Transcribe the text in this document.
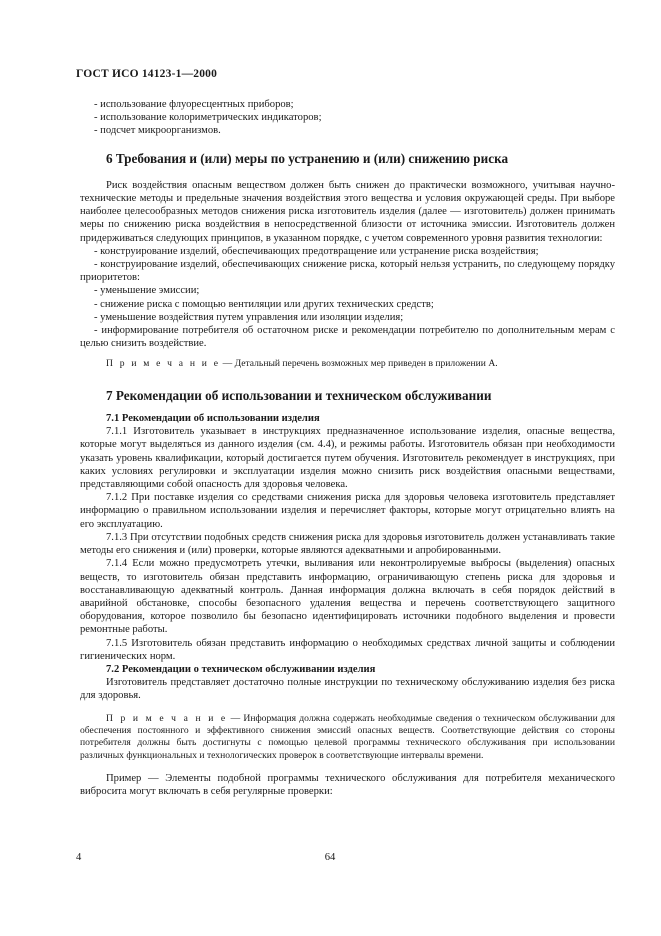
ГОСТ ИСО 14123-1—2000

- использование флуоресцентных приборов;

- использование колориметрических индикаторов;

- подсчет микроорганизмов.

6 Требования и (или) меры по устранению и (или) снижению риска

Риск воздействия опасным веществом должен быть снижен до практически возможного, учитывая научно-технические методы и предельные значения воздействия этого вещества и условия окружающей среды. При выборе наиболее целесообразных методов снижения риска изготовитель изделия (далее — изготовитель) должен принимать меры по снижению риска воздействия в непосредственной близости от источника эмиссии. Изготовитель должен придерживаться следующих принципов, в указанном порядке, с учетом современного уровня развития технологии:

- конструирование изделий, обеспечивающих предотвращение или устранение риска воздействия;

- конструирование изделий, обеспечивающих снижение риска, который нельзя устранить, по следующему порядку приоритетов:

- уменьшение эмиссии;

- снижение риска с помощью вентиляции или других технических средств;

- уменьшение воздействия путем управления или изоляции изделия;

- информирование потребителя об остаточном риске и рекомендации потребителю по дополнительным мерам с целью снизить воздействие.

П р и м е ч а н и е — Детальный перечень возможных мер приведен в приложении А.

7 Рекомендации об использовании и техническом обслуживании
7.1 Рекомендации об использовании изделия

7.1.1 Изготовитель указывает в инструкциях предназначенное использование изделия, опасные вещества, которые могут выделяться из данного изделия (см. 4.4), и режимы работы. Изготовитель обязан при необходимости указать уровень квалификации, который достигается путем обучения. Изготовитель рекомендует в инструкциях, при каких условиях регулировки и эксплуатации изделия можно снизить риск воздействия опасными веществами, представляющими собой опасность для здоровья человека.

7.1.2 При поставке изделия со средствами снижения риска для здоровья человека изготовитель представляет информацию о правильном использовании изделия и перечисляет факторы, которые могут отрицательно влиять на его эксплуатацию.

7.1.3 При отсутствии подобных средств снижения риска для здоровья изготовитель должен устанавливать такие методы его снижения и (или) проверки, которые являются адекватными и апробированными.

7.1.4 Если можно предусмотреть утечки, выливания или неконтролируемые выбросы (выделения) опасных веществ, то изготовитель обязан представить информацию, ограничивающую степень риска для здоровья и восстанавливающую адекватный контроль. Данная информация должна включать в себя порядок действий в аварийной обстановке, способы безопасного удаления вещества и перечень соответствующего защитного оборудования, которое позволило бы безопасно идентифицировать источники подобного выделения и провести ремонтные работы.

7.1.5 Изготовитель обязан представить информацию о необходимых средствах личной защиты и соблюдении гигиенических норм.

7.2 Рекомендации о техническом обслуживании изделия

Изготовитель представляет достаточно полные инструкции по техническому обслуживанию изделия без риска для здоровья.

П р и м е ч а н и е — Информация должна содержать необходимые сведения о техническом обслуживании для обеспечения постоянного и эффективного снижения эмиссий опасных веществ. Соответствующие действия со стороны потребителя должны быть достигнуты с помощью целевой программы технического обслуживания при использовании различных функциональных и технологических проверок в соответствующие интервалы времени.

Пример — Элементы подобной программы технического обслуживания для потребителя механического вибросита могут включать в себя регулярные проверки:

4	64
